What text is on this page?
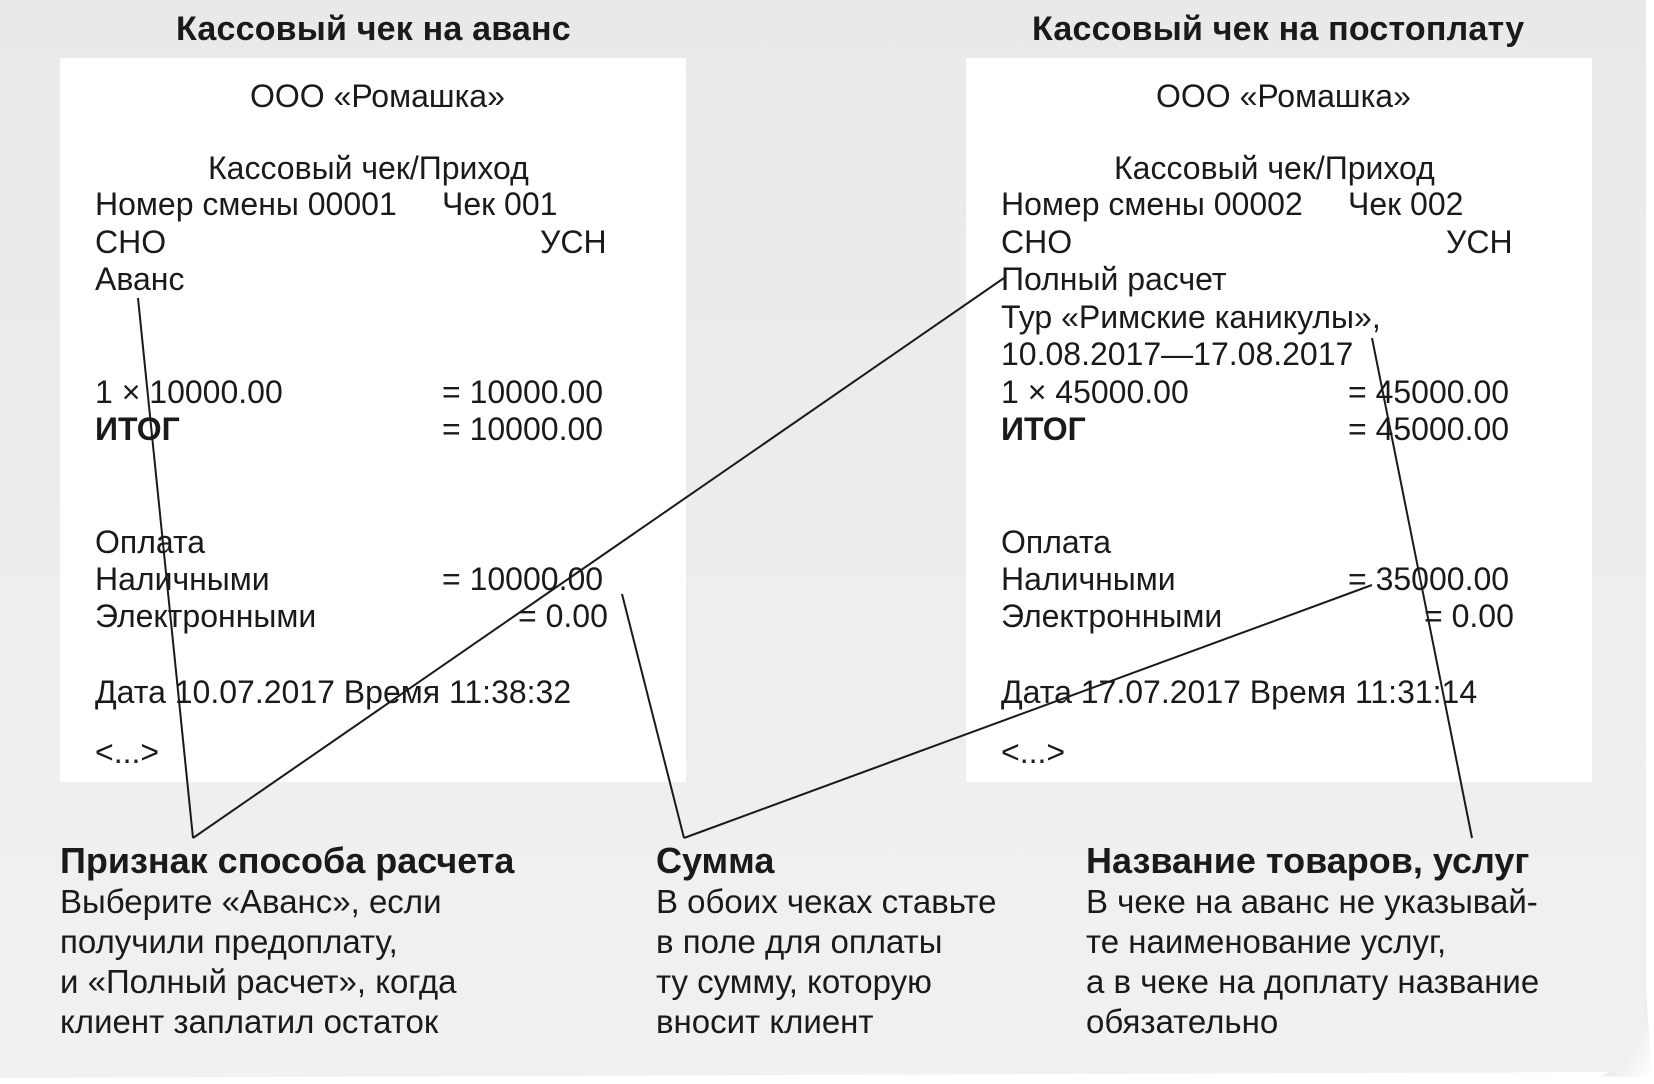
Кассовый чек на аванс	Кассовый чек на постоплату
ООО «Ромашка»
Кассовый чек/Приход
Номер смены 00001 Чек 001
СНО	УСН
Аванс
1 × 10000.00	= 10000.00
ИТОГ	= 10000.00
Оплата
Наличными	= 10000.00
Электронными	= 0.00
Дата 10.07.2017 Время 11:38:32
<...>
ООО «Ромашка»
Кассовый чек/Приход
Номер смены 00002 Чек 002
СНО	УСН
Полный расчет
Тур «Римские каникулы»,
10.08.2017—17.08.2017
1 × 45000.00	= 45000.00
ИТОГ	= 45000.00
Оплата
Наличными	= 35000.00
Электронными	= 0.00
Дата 17.07.2017 Время 11:31:14
<...>
Признак способа расчета
Выберите «Аванс», если
получили предоплату,
и «Полный расчет», когда
клиент заплатил остаток
Сумма
В обоих чеках ставьте
в поле для оплаты
ту сумму, которую
вносит клиент
Название товаров, услуг
В чеке на аванс не указывай-
те наименование услуг,
а в чеке на доплату название
обязательно
